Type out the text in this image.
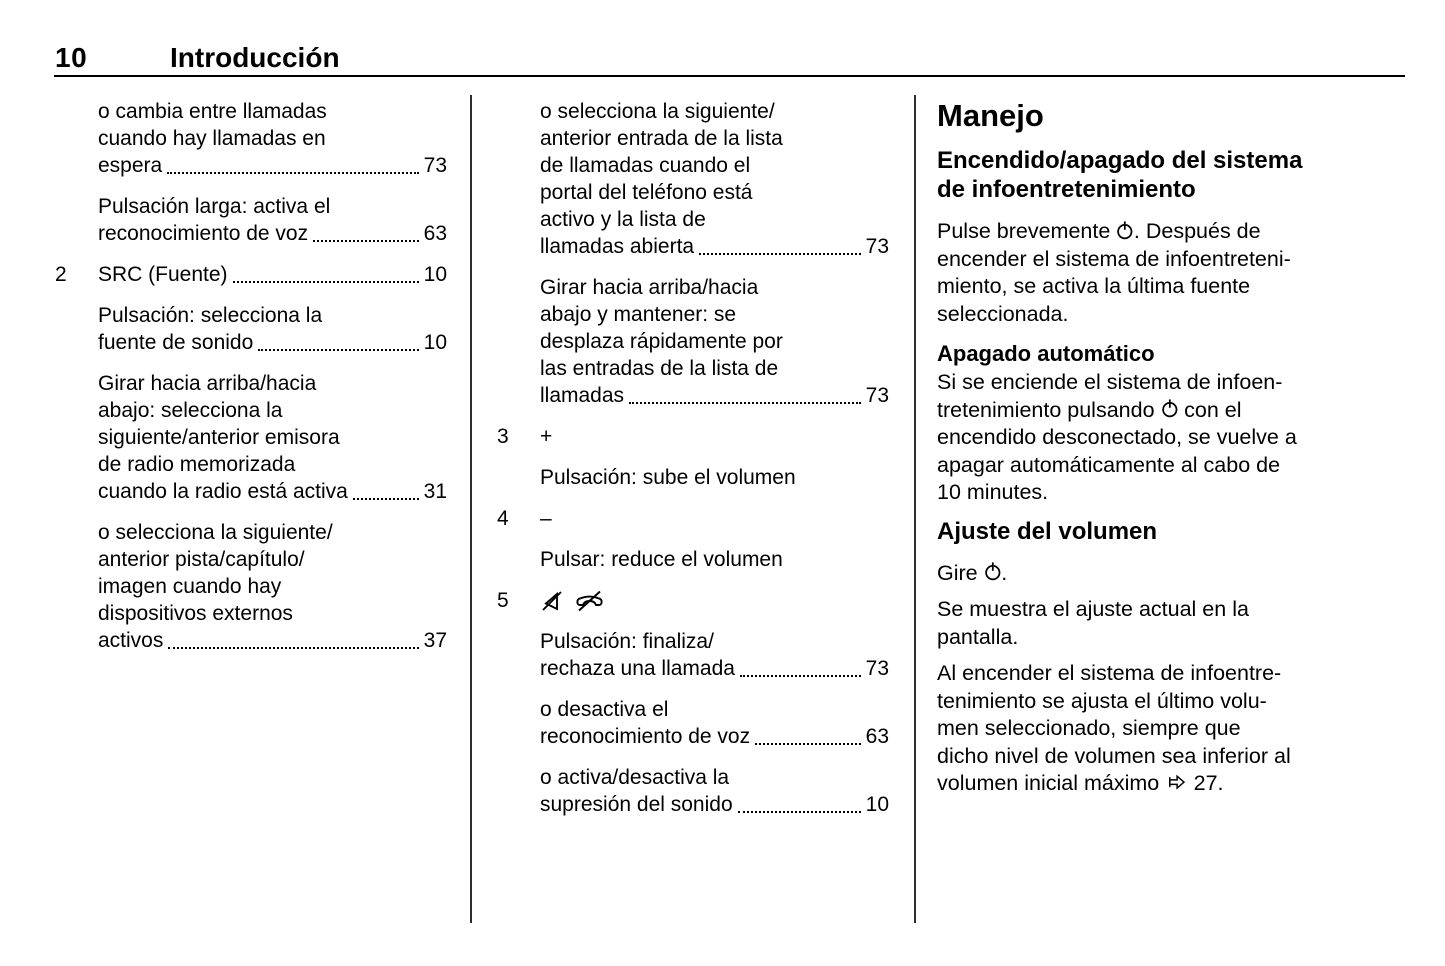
10	Introducción
o cambia entre llamadas
cuando hay llamadas en
espera	73
Pulsación larga: activa el
reconocimiento de voz	63
2	SRC (Fuente)	10
Pulsación: selecciona la
fuente de sonido	10
Girar hacia arriba/hacia
abajo: selecciona la
siguiente/anterior emisora
de radio memorizada
cuando la radio está activa	31
o selecciona la siguiente/
anterior pista/capítulo/
imagen cuando hay
dispositivos externos
activos	37
o selecciona la siguiente/
anterior entrada de la lista
de llamadas cuando el
portal del teléfono está
activo y la lista de
llamadas abierta	73
Girar hacia arriba/hacia
abajo y mantener: se
desplaza rápidamente por
las entradas de la lista de
llamadas	73
3	+
Pulsación: sube el volumen
4	–
Pulsar: reduce el volumen
5
Pulsación: finaliza/
rechaza una llamada	73
o desactiva el
reconocimiento de voz	63
o activa/desactiva la
supresión del sonido	10
Manejo
Encendido/apagado del sistema
de infoentretenimiento
Pulse brevemente . Después de
encender el sistema de infoentreteni-
miento, se activa la última fuente
seleccionada.
Apagado automático
Si se enciende el sistema de infoen-
tretenimiento pulsando  con el
encendido desconectado, se vuelve a
apagar automáticamente al cabo de
10 minutes.
Ajuste del volumen
Gire .
Se muestra el ajuste actual en la
pantalla.
Al encender el sistema de infoentre-
tenimiento se ajusta el último volu-
men seleccionado, siempre que
dicho nivel de volumen sea inferior al
volumen inicial máximo  27.
